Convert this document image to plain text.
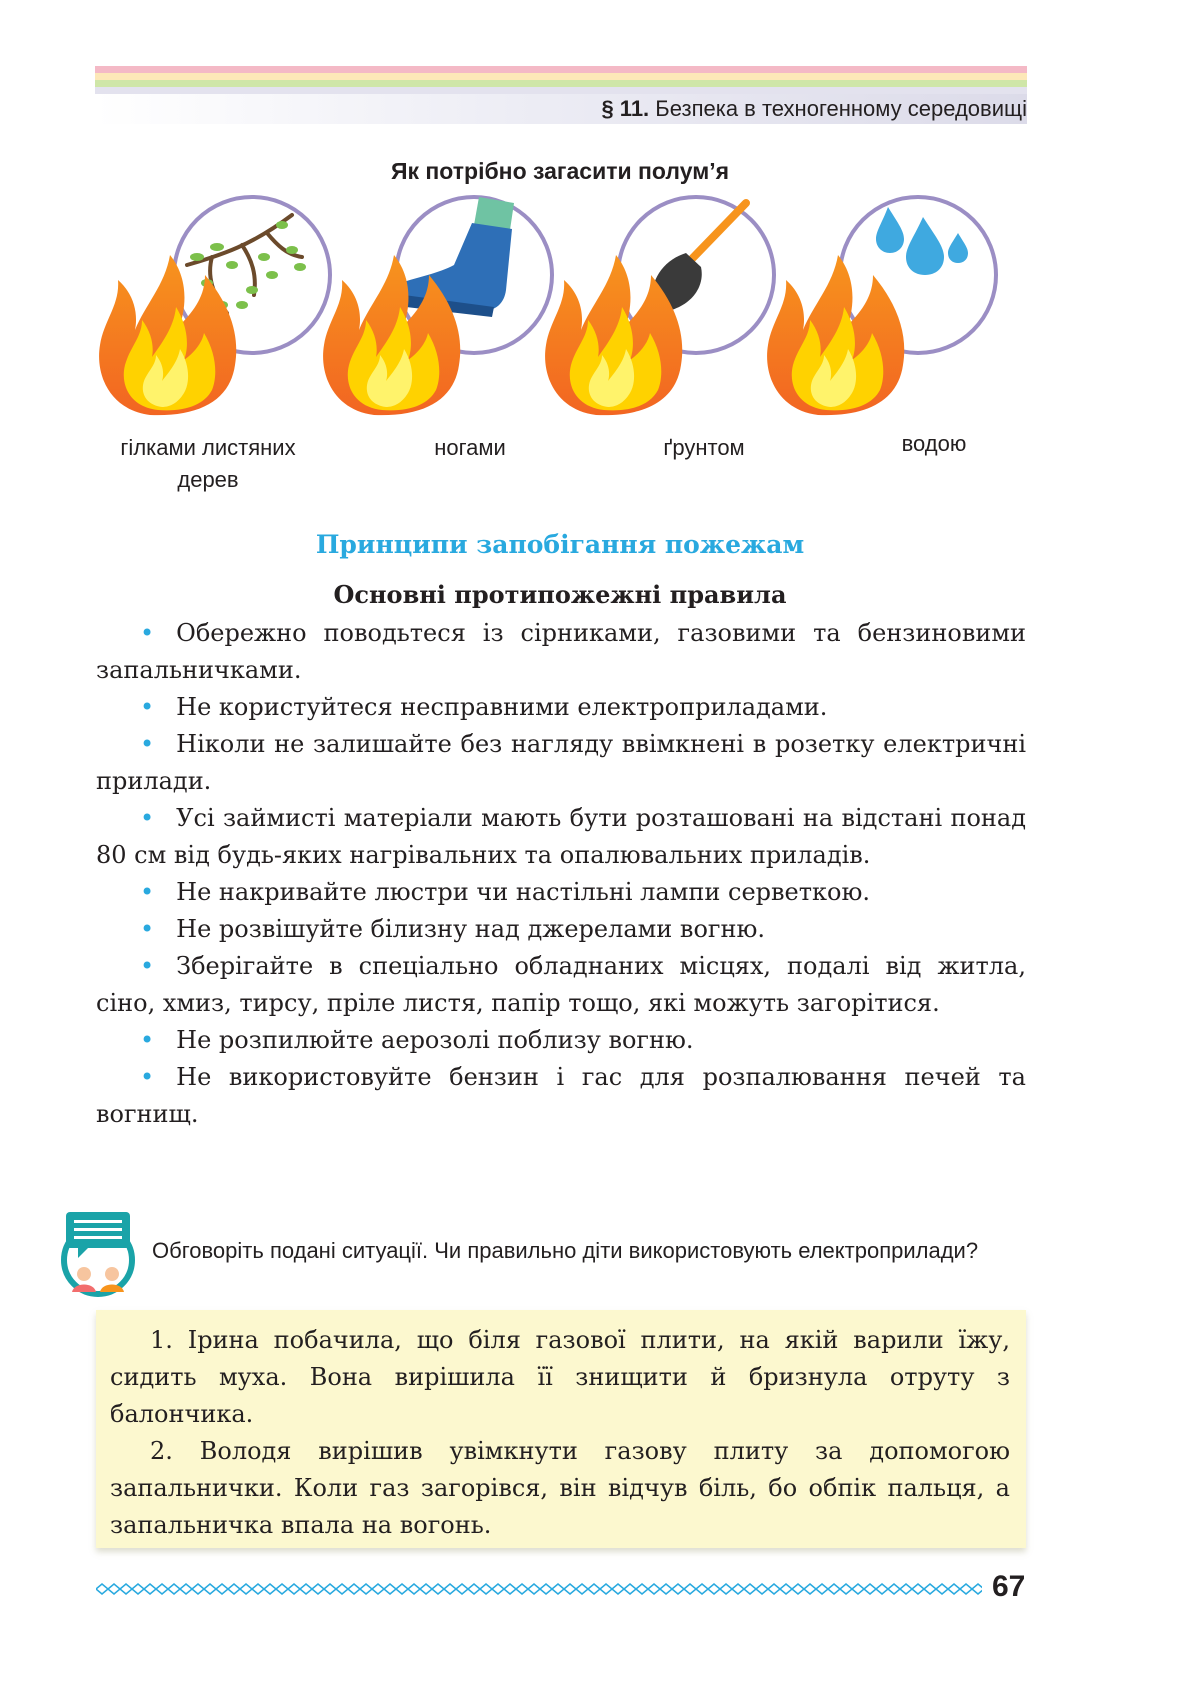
§ 11. Безпека в техногенному середовищі
Як потрібно загасити полум’я
гілками листяних
дерев
ногами	ґрунтом	водою
Принципи запобігання пожежам
Основні протипожежні правила

• Обережно поводьтеся із сірниками, газовими та бензиновими запальничками.

• Не користуйтеся несправними електроприладами.

• Ніколи не залишайте без нагляду ввімкнені в розетку електричні прилади.

• Усі займисті матеріали мають бути розташовані на відстані понад 80 см від будь-яких нагрівальних та опалювальних приладів.

• Не накривайте люстри чи настільні лампи серветкою.

• Не розвішуйте білизну над джерелами вогню.

• Зберігайте в спеціально обладнаних місцях, подалі від житла, сіно, хмиз, тирсу, пріле листя, папір тощо, які можуть загорітися.

• Не розпилюйте аерозолі поблизу вогню.

• Не використовуйте бензин і гас для розпалювання печей та вогнищ.

Обговоріть подані ситуації. Чи правильно діти використовують електроприлади?

1. Ірина побачила, що біля газової плити, на якій варили їжу, сидить муха. Вона вирішила її знищити й бризнула отруту з балончика.

2. Володя вирішив увімкнути газову плиту за допомогою запальнички. Коли газ загорівся, він відчув біль, бо обпік пальця, а запальничка впала на вогонь.

67
